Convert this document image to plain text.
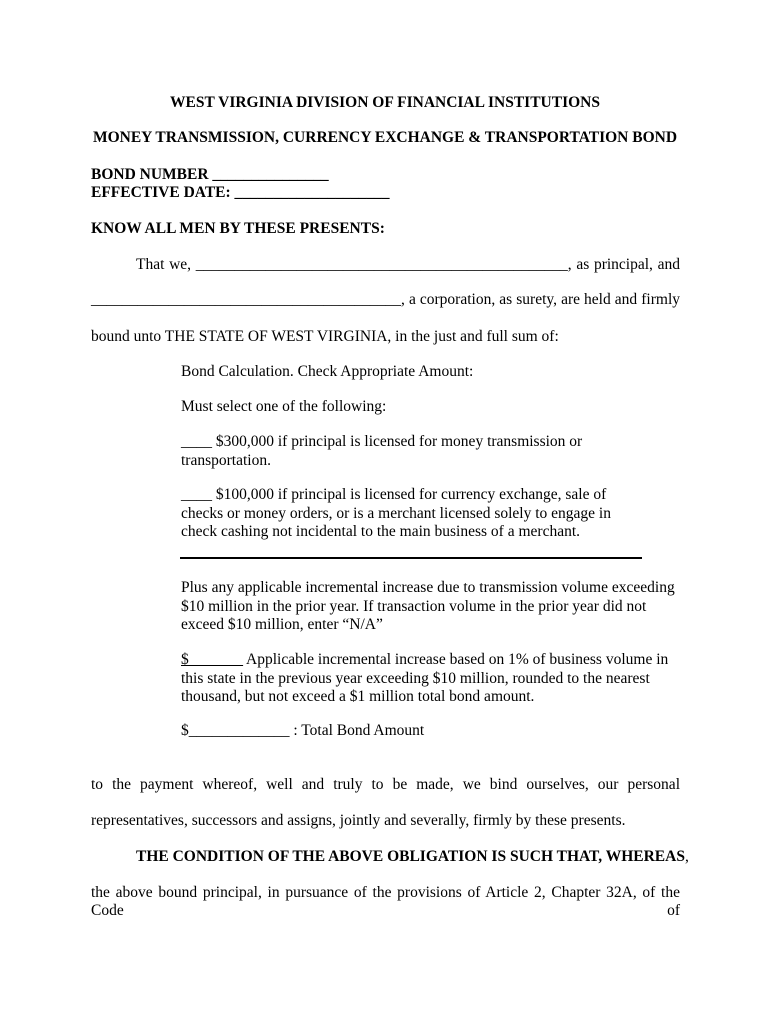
WEST VIRGINIA DIVISION OF FINANCIAL INSTITUTIONS
MONEY TRANSMISSION, CURRENCY EXCHANGE & TRANSPORTATION BOND
BOND NUMBER _______________
EFFECTIVE DATE: ____________________
KNOW ALL MEN BY THESE PRESENTS:
That we, ________________________________________________, as principal, and
________________________________________, a corporation, as surety, are held and firmly
bound unto THE STATE OF WEST VIRGINIA, in the just and full sum of:
Bond Calculation. Check Appropriate Amount:
Must select one of the following:
____ $300,000 if principal is licensed for money transmission or transportation.
____ $100,000 if principal is licensed for currency exchange, sale of checks or money orders, or is a merchant licensed solely to engage in check cashing not incidental to the main business of a merchant.
Plus any applicable incremental increase due to transmission volume exceeding $10 million in the prior year. If transaction volume in the prior year did not exceed $10 million, enter “N/A”
$_______ Applicable incremental increase based on 1% of business volume in this state in the previous year exceeding $10 million, rounded to the nearest thousand, but not exceed a $1 million total bond amount.
$_____________ : Total Bond Amount
to the payment whereof, well and truly to be made, we bind ourselves, our personal
representatives, successors and assigns, jointly and severally, firmly by these presents.
THE CONDITION OF THE ABOVE OBLIGATION IS SUCH THAT, WHEREAS,
the above bound principal, in pursuance of the provisions of Article 2, Chapter 32A, of the Code of
